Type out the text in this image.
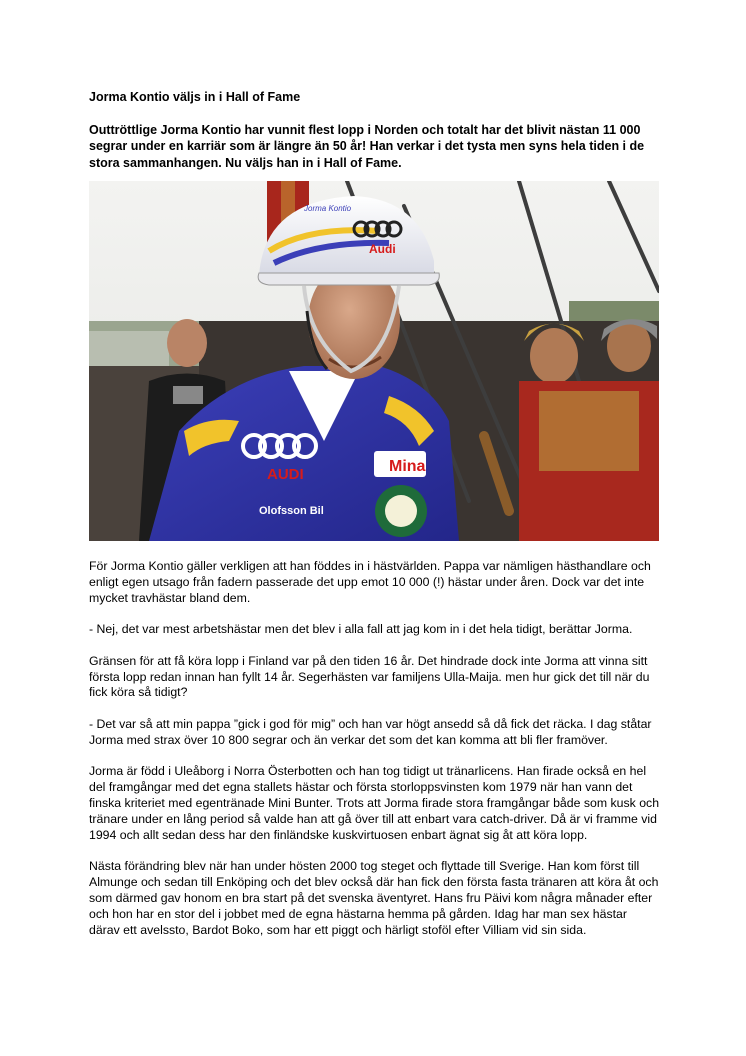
Jorma Kontio väljs in i Hall of Fame
Outtröttlige Jorma Kontio har vunnit flest lopp i Norden och totalt har det blivit nästan 11 000 segrar under en karriär som är längre än 50 år! Han verkar i det tysta men syns hela tiden i de stora sammanhangen. Nu väljs han in i Hall of Fame.
AUDI	Mina
Olofsson Bil
Audi
Jorma Kontio

För Jorma Kontio gäller verkligen att han föddes in i hästvärlden. Pappa var nämligen hästhandlare och enligt egen utsago från fadern passerade det upp emot 10 000 (!) hästar under åren. Dock var det inte mycket travhästar bland dem.

- Nej, det var mest arbetshästar men det blev i alla fall att jag kom in i det hela tidigt, berättar Jorma.

Gränsen för att få köra lopp i Finland var på den tiden 16 år. Det hindrade dock inte Jorma att vinna sitt första lopp redan innan han fyllt 14 år. Segerhästen var familjens Ulla-Maija. men hur gick det till när du fick köra så tidigt?

- Det var så att min pappa ”gick i god för mig” och han var högt ansedd så då fick det räcka. I dag ståtar Jorma med strax över 10 800 segrar och än verkar det som det kan komma att bli fler framöver.

Jorma är född i Uleåborg i Norra Österbotten och han tog tidigt ut tränarlicens. Han firade också en hel del framgångar med det egna stallets hästar och första storloppsvinsten kom 1979 när han vann det finska kriteriet med egentränade Mini Bunter. Trots att Jorma firade stora framgångar både som kusk och tränare under en lång period så valde han att gå över till att enbart vara catch-driver. Då är vi framme vid 1994 och allt sedan dess har den finländske kuskvirtuosen enbart ägnat sig åt att köra lopp.

Nästa förändring blev när han under hösten 2000 tog steget och flyttade till Sverige. Han kom först till Almunge och sedan till Enköping och det blev också där han fick den första fasta tränaren att köra åt och som därmed gav honom en bra start på det svenska äventyret. Hans fru Päivi kom några månader efter och hon har en stor del i jobbet med de egna hästarna hemma på gården. Idag har man sex hästar därav ett avelssto, Bardot Boko, som har ett piggt och härligt stoföl efter Villiam vid sin sida.
